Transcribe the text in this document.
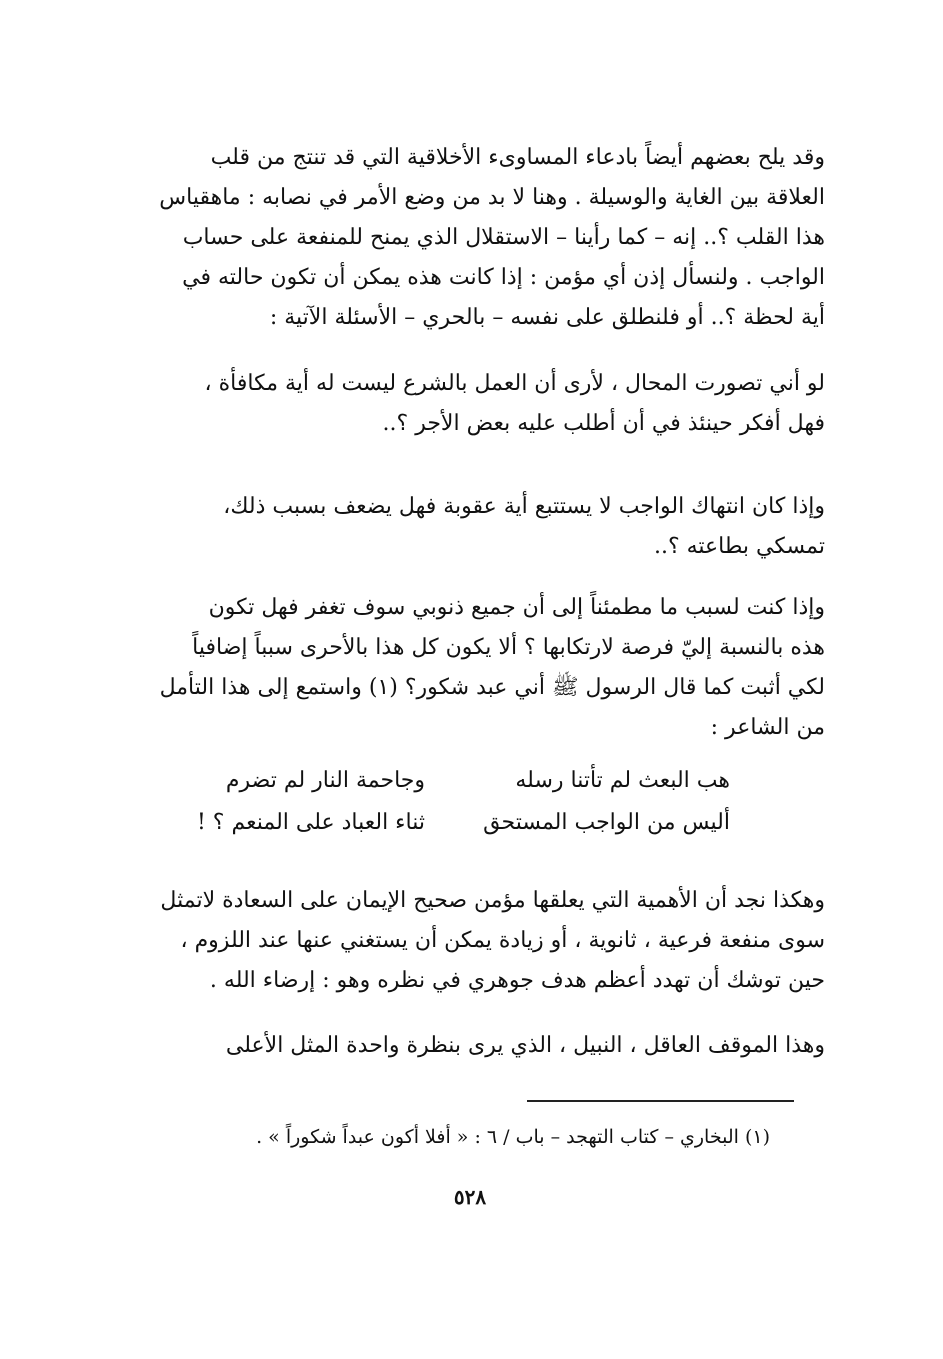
وقد يلح بعضهم أيضاً بادعاء المساوىء الأخلاقية التي قد تنتج من قلب
العلاقة بين الغاية والوسيلة . وهنا لا بد من وضع الأمر في نصابه : ماهقياس
هذا القلب ؟.. إنه – كما رأينا – الاستقلال الذي يمنح للمنفعة على حساب
الواجب . ولنسأل إذن أي مؤمن : إذا كانت هذه يمكن أن تكون حالته في
أية لحظة ؟.. أو فلنطلق على نفسه – بالحري – الأسئلة الآتية :
لو أني تصورت المحال ، لأرى أن العمل بالشرع ليست له أية مكافأة ،
فهل أفكر حينئذ في أن أطلب عليه بعض الأجر ؟..
وإذا كان انتهاك الواجب لا يستتبع أية عقوبة فهل يضعف بسبب ذلك،
تمسكي بطاعته ؟..
وإذا كنت لسبب ما مطمئناً إلى أن جميع ذنوبي سوف تغفر فهل تكون
هذه بالنسبة إليّ فرصة لارتكابها ؟ ألا يكون كل هذا بالأحرى سبباً إضافياً
لكي أثبت كما قال الرسول ﷺ أني عبد شكور؟ (١) واستمع إلى هذا التأمل
من الشاعر :
هب البعث لم تأتنا رسله
وجاحمة النار لم تضرم
أليس من الواجب المستحق
ثناء العباد على المنعم ؟ !
وهكذا نجد أن الأهمية التي يعلقها مؤمن صحيح الإيمان على السعادة لاتمثل
سوى منفعة فرعية ، ثانوية ، أو زيادة يمكن أن يستغني عنها عند اللزوم ،
حين توشك أن تهدد أعظم هدف جوهري في نظره وهو : إرضاء الله .
وهذا الموقف العاقل ، النبيل ، الذي يرى بنظرة واحدة المثل الأعلى
(١) البخاري – كتاب التهجد – باب / ٦ : « أفلا أكون عبداً شكوراً » .
٥٢٨
